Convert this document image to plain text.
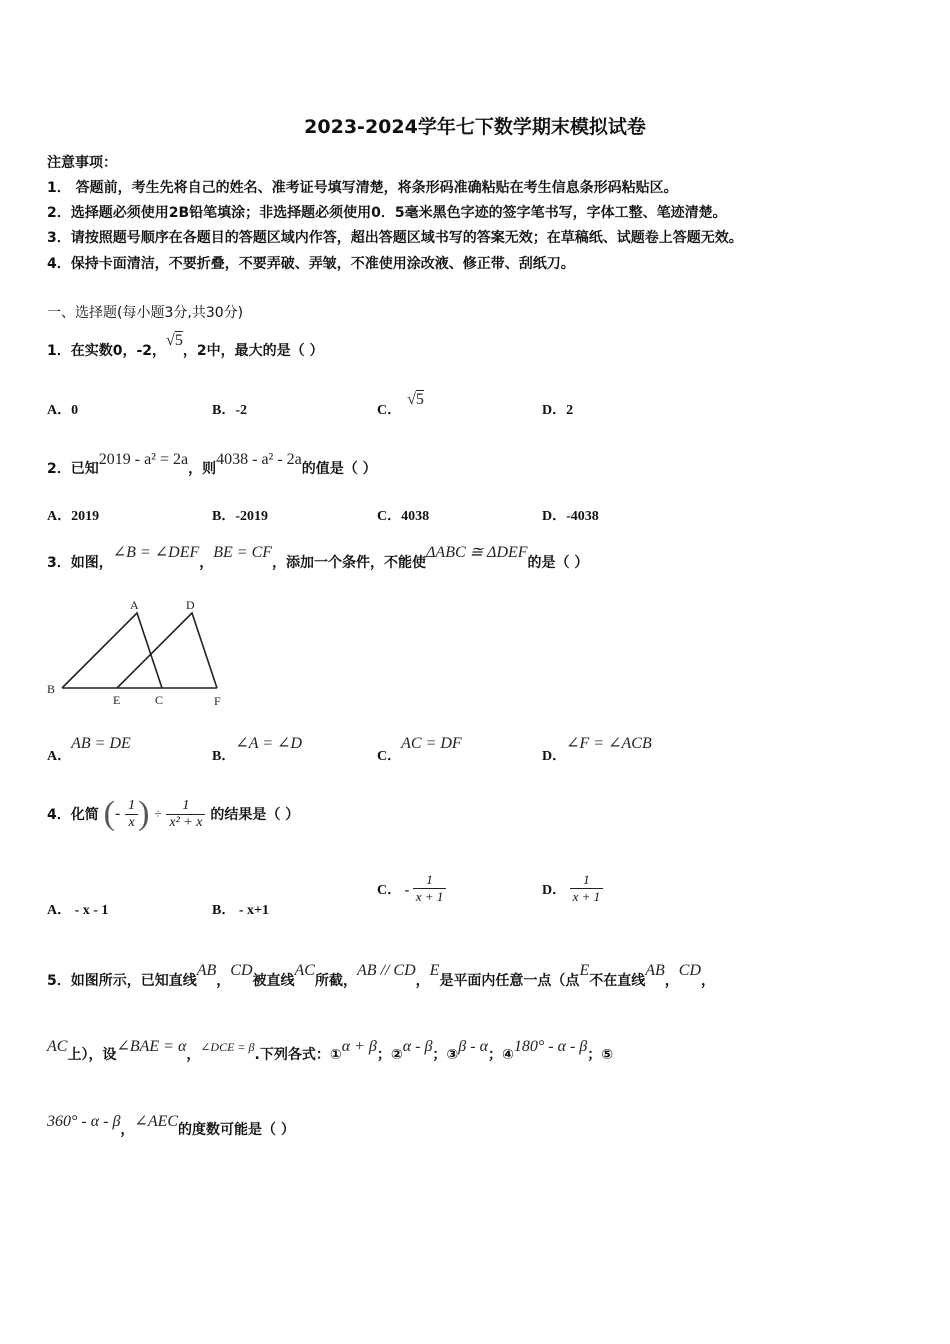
2023-2024学年七下数学期末模拟试卷
注意事项：
1． 答题前，考生先将自己的姓名、准考证号填写清楚，将条形码准确粘贴在考生信息条形码粘贴区。
2．选择题必须使用2B铅笔填涂；非选择题必须使用0．5毫米黑色字迹的签字笔书写，字体工整、笔迹清楚。
3．请按照题号顺序在各题目的答题区域内作答，超出答题区域书写的答案无效；在草稿纸、试题卷上答题无效。
4．保持卡面清洁，不要折叠，不要弄破、弄皱，不准使用涂改液、修正带、刮纸刀。
一、选择题(每小题3分,共30分)
1．在实数0，-2，√5，2中，最大的是（ ）
A．0	B．-2	C．√5
D．2
2．已知2019 - a² = 2a，则4038 - a² - 2a的值是（ ）
A．2019	B．-2019	C．4038	D．-4038
3．如图，∠B = ∠DEF，BE = CF，添加一个条件，不能使ΔABC ≅ ΔDEF的是（ ）
A	D
B
E	C	F
A．AB = DE
B．∠A = ∠D
C．AC = DF
D．∠F = ∠ACB
4．化简 (- $\frac{1}{x}$ ) ÷ $\frac{1}{\text{x² + x}}$ 的结果是（ ）
A． - x - 1	B． - x+1
C． - $\frac{1}{x + 1}$	D． $\frac{1}{x + 1}$
5．如图所示，已知直线AB，CD被直线AC所截，AB // CD，E是平面内任意一点（点E不在直线AB，CD，
AC上），设∠BAE = α，∠DCE = β.下列各式：①α + β；②α - β；③β - α；④180° - α - β；⑤
360° - α - β，∠AEC的度数可能是（ ）
